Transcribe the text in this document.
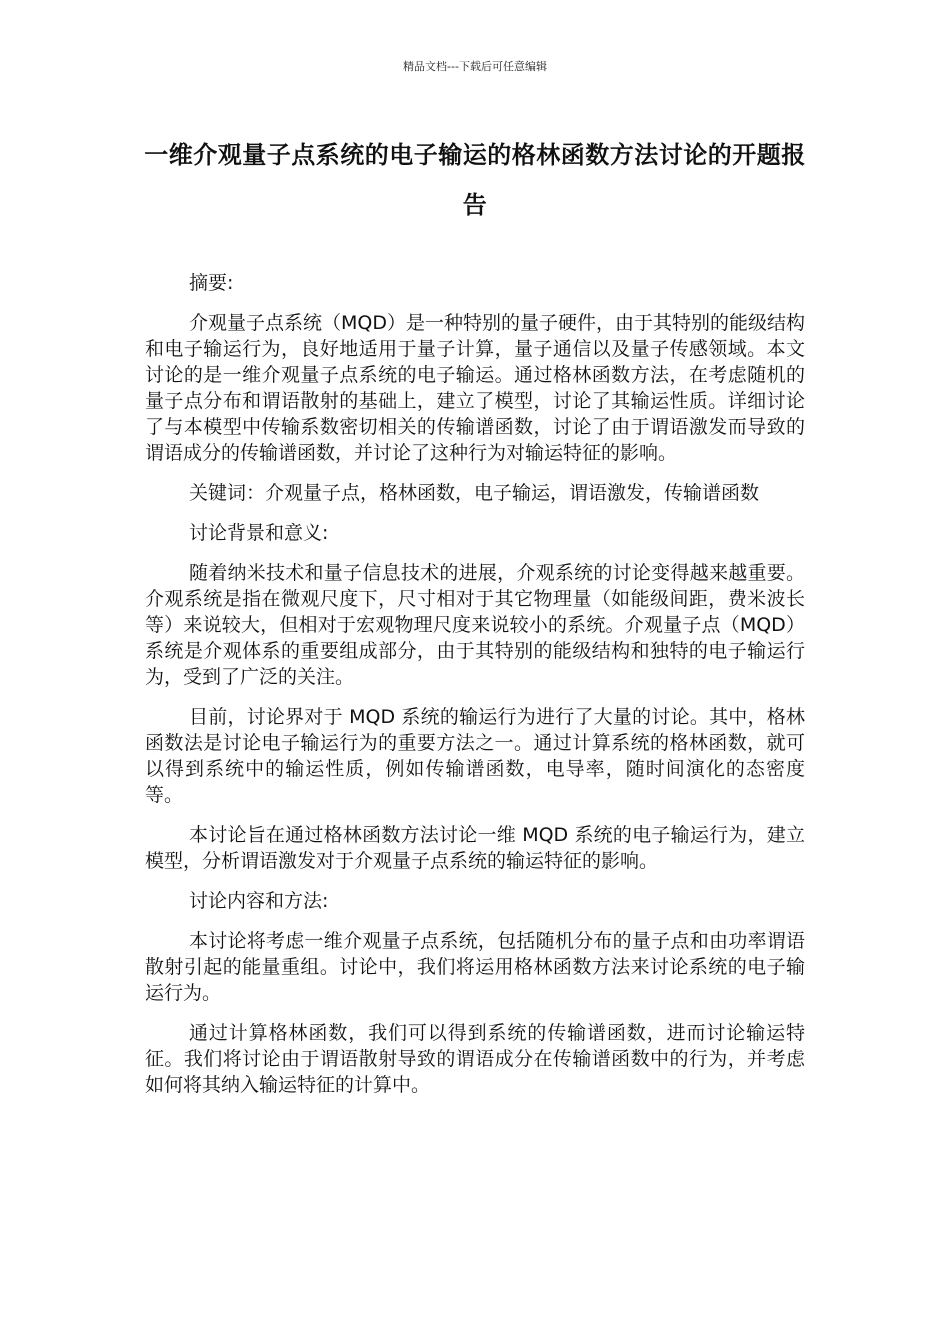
精品文档---下载后可任意编辑
一维介观量子点系统的电子输运的格林函数方法讨论的开题报告

摘要:

介观量子点系统（MQD）是一种特别的量子硬件，由于其特别的能级结构和电子输运行为，良好地适用于量子计算，量子通信以及量子传感领域。本文讨论的是一维介观量子点系统的电子输运。通过格林函数方法，在考虑随机的量子点分布和谓语散射的基础上，建立了模型，讨论了其输运性质。详细讨论了与本模型中传输系数密切相关的传输谱函数，讨论了由于谓语激发而导致的谓语成分的传输谱函数，并讨论了这种行为对输运特征的影响。

关键词：介观量子点，格林函数，电子输运，谓语激发，传输谱函数

讨论背景和意义:

随着纳米技术和量子信息技术的进展，介观系统的讨论变得越来越重要。介观系统是指在微观尺度下，尺寸相对于其它物理量（如能级间距，费米波长等）来说较大，但相对于宏观物理尺度来说较小的系统。介观量子点（MQD）系统是介观体系的重要组成部分，由于其特别的能级结构和独特的电子输运行为，受到了广泛的关注。

目前，讨论界对于 MQD 系统的输运行为进行了大量的讨论。其中，格林函数法是讨论电子输运行为的重要方法之一。通过计算系统的格林函数，就可以得到系统中的输运性质，例如传输谱函数，电导率，随时间演化的态密度等。

本讨论旨在通过格林函数方法讨论一维 MQD 系统的电子输运行为，建立模型，分析谓语激发对于介观量子点系统的输运特征的影响。

讨论内容和方法:

本讨论将考虑一维介观量子点系统，包括随机分布的量子点和由功率谓语散射引起的能量重组。讨论中，我们将运用格林函数方法来讨论系统的电子输运行为。

通过计算格林函数，我们可以得到系统的传输谱函数，进而讨论输运特征。我们将讨论由于谓语散射导致的谓语成分在传输谱函数中的行为，并考虑如何将其纳入输运特征的计算中。
